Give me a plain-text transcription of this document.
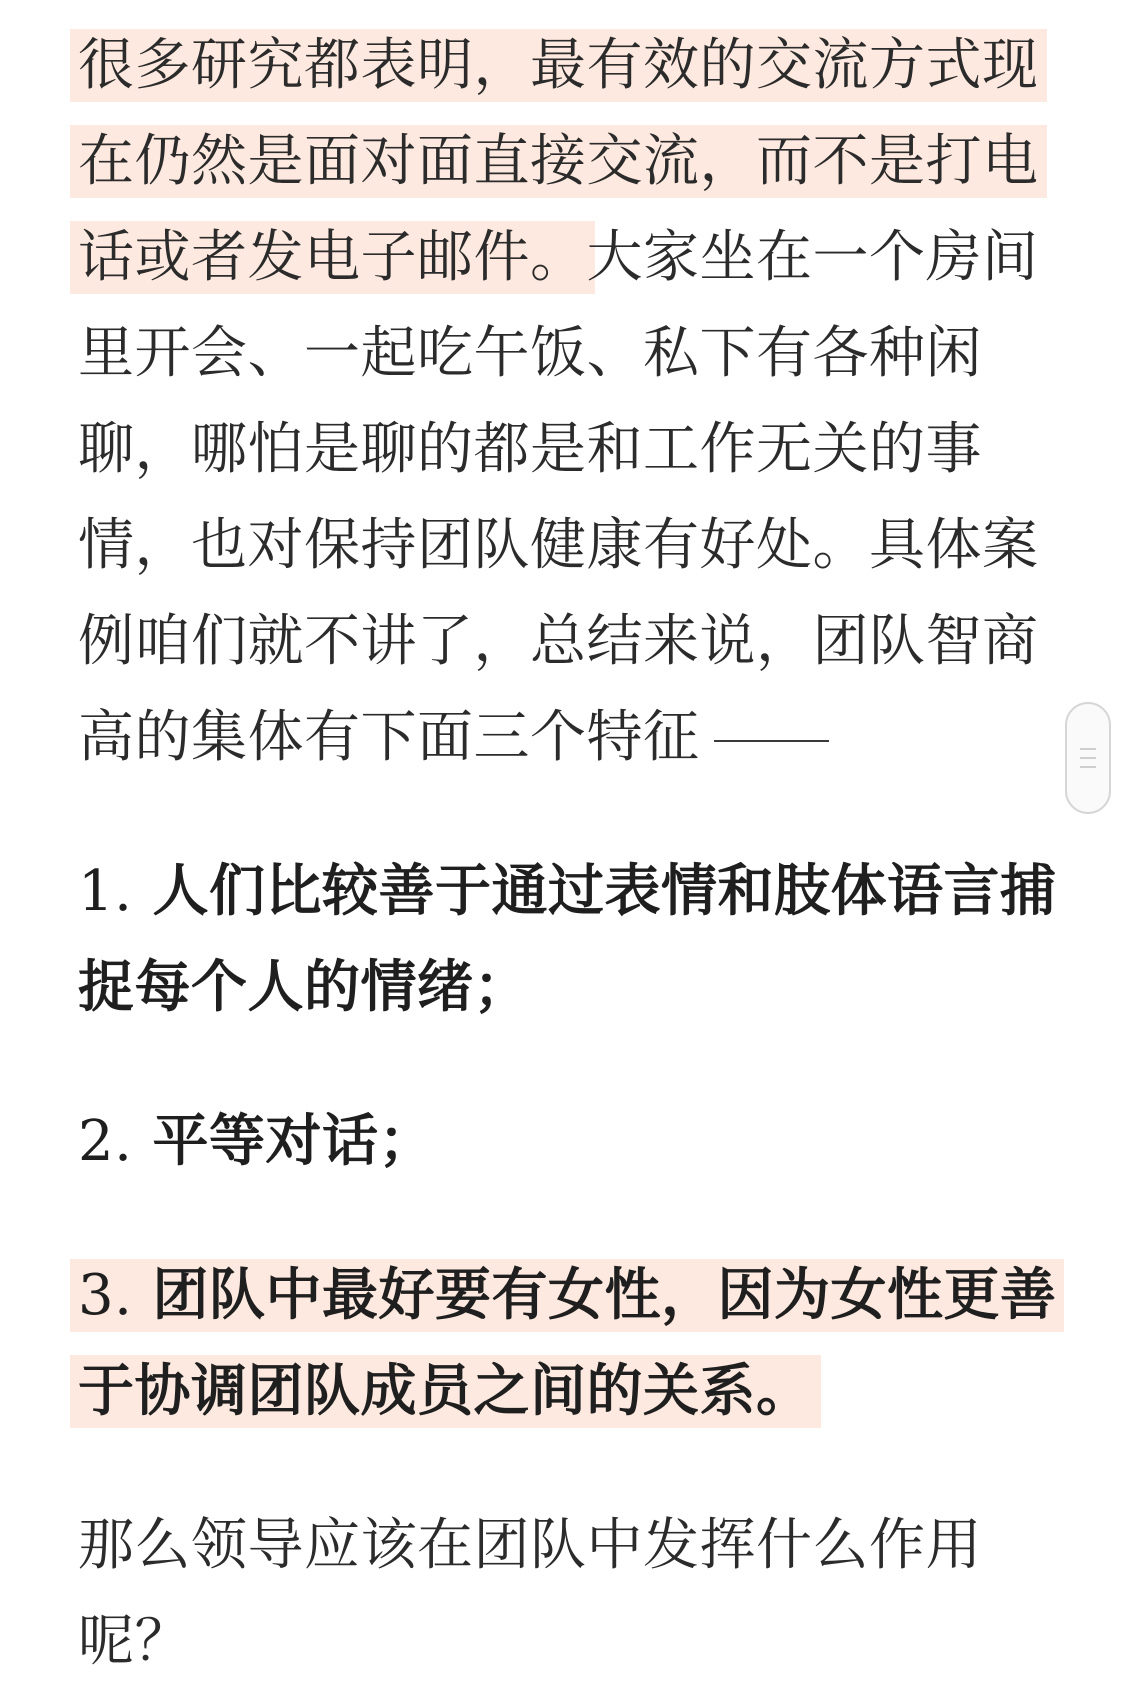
很多研究都表明，最有效的交流方式现在仍然是面对面直接交流，而不是打电话或者发电子邮件。大家坐在一个房间里开会、一起吃午饭、私下有各种闲聊，哪怕是聊的都是和工作无关的事情，也对保持团队健康有好处。具体案例咱们就不讲了，总结来说，团队智商高的集体有下面三个特征

1. 人们比较善于通过表情和肢体语言捕捉每个人的情绪；

2. 平等对话；

3. 团队中最好要有女性，因为女性更善于协调团队成员之间的关系。

那么领导应该在团队中发挥什么作用呢？
